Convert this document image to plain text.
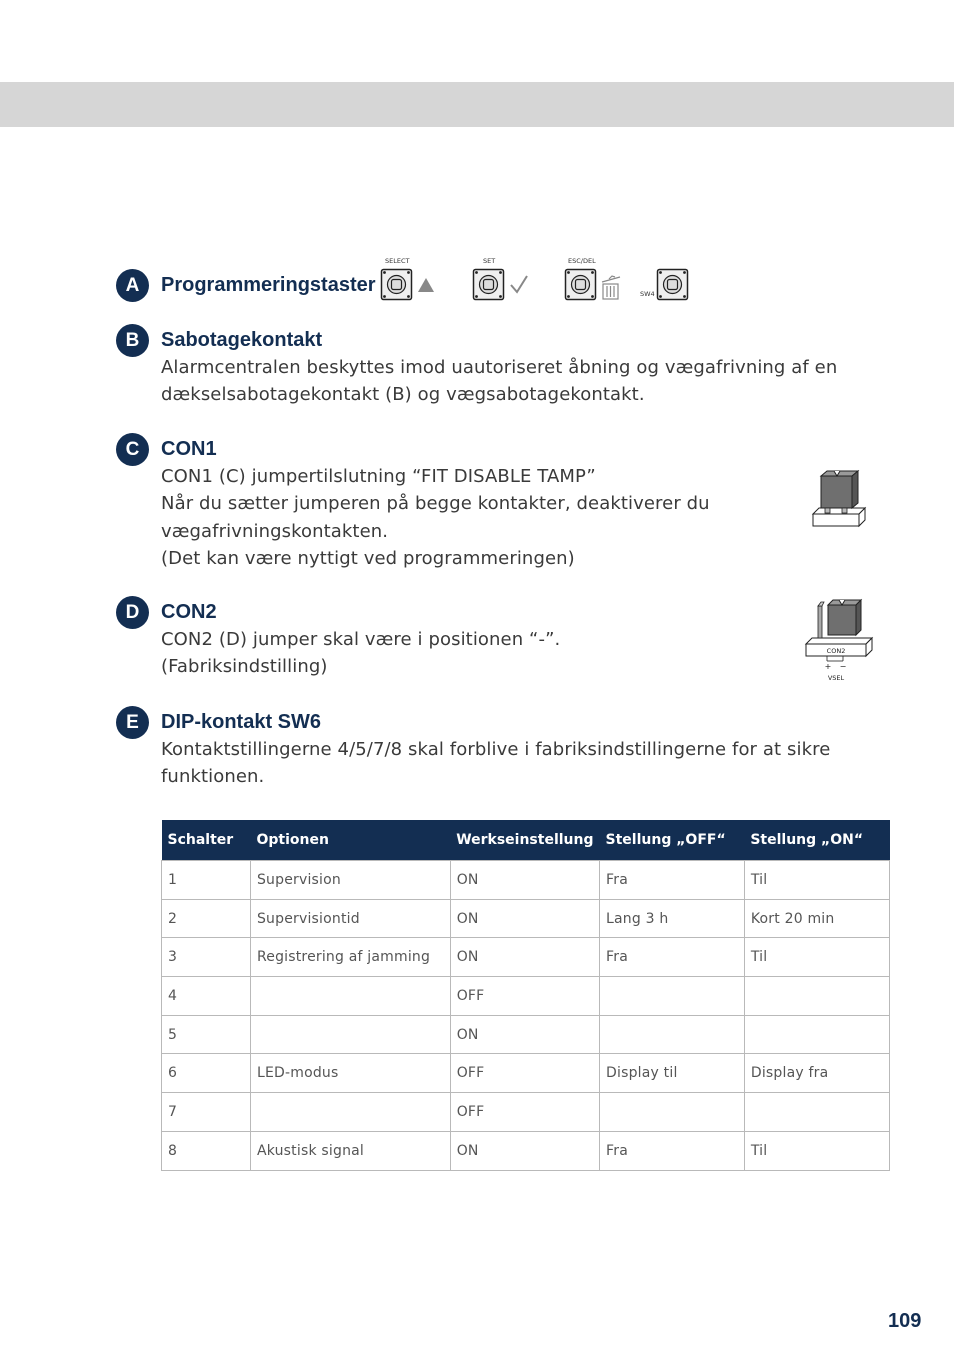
A	Programmeringstaster
SELECT	SET	ESC/DEL
SW4
B	Sabotagekontakt
Alarmcentralen beskyttes imod uautoriseret åbning og vægafrivning af en
dækselsabotagekontakt (B) og vægsabotagekontakt.
C	CON1
CON1 (C) jumpertilslutning “FIT DISABLE TAMP”
Når du sætter jumperen på begge kontakter, deaktiverer du
vægafrivningskontakten.
(Det kan være nyttigt ved programmeringen)
D	CON2
CON2 (D) jumper skal være i positionen “-”.
(Fabriksindstilling)
CON2
+ −
VSEL
E	DIP-kontakt SW6
Kontaktstillingerne 4/5/7/8 skal forblive i fabriksindstillingerne for at sikre
funktionen.
Schalter	Optionen	Werkseinstellung	Stellung „OFF“	Stellung „ON“
1	Supervision	ON	Fra	Til
2	Supervisiontid	ON	Lang 3 h	Kort 20 min
3	Registrering af jamming	ON	Fra	Til
4		OFF		
5		ON		
6	LED-modus	OFF	Display til	Display fra
7		OFF		
8	Akustisk signal	ON	Fra	Til
109
